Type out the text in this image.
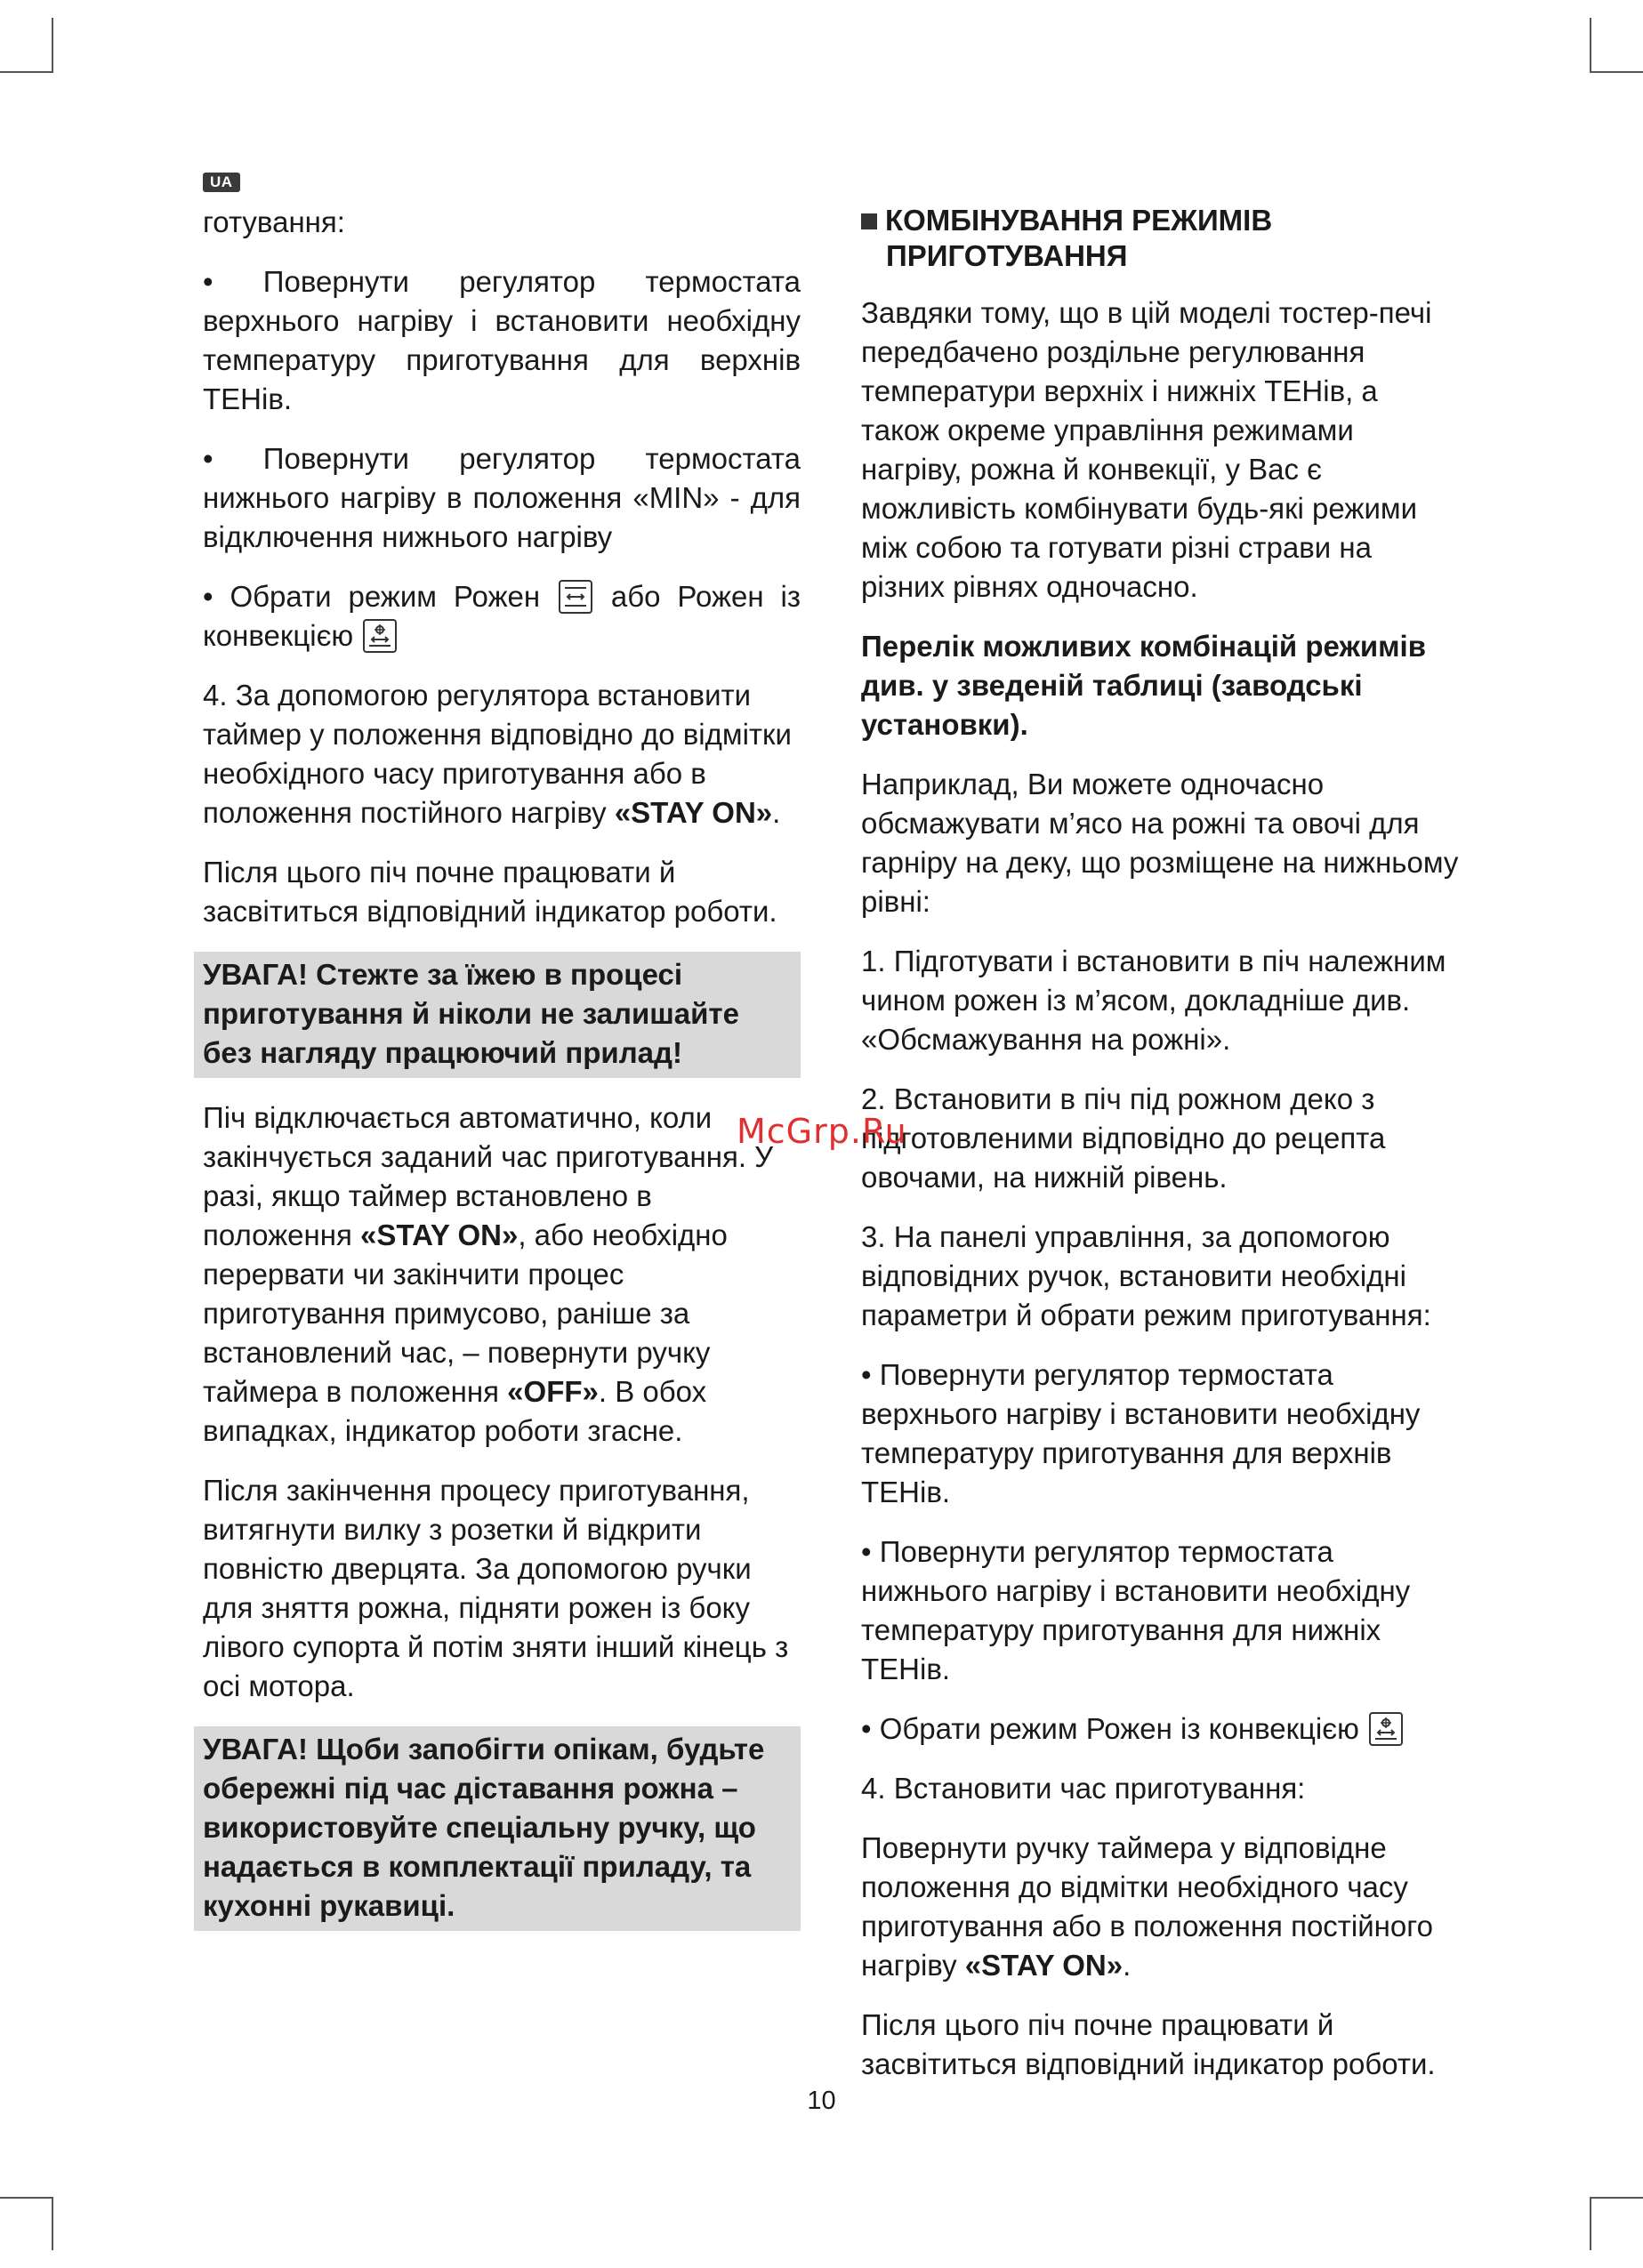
UA

готування:

• Повернути регулятор термостата верхнього нагріву і встановити необхідну температуру приготування для верхнів ТЕНів.

• Повернути регулятор термостата нижнього нагріву в положення «MIN» - для відключення нижнього нагріву

• Обрати режим Рожен або Рожен із конвекцією

4. За допомогою регулятора встановити таймер у положення відповідно до відмітки необхідного часу приготування або в положення постійного нагріву «STAY ON».

Після цього піч почне працювати й засвітиться відповідний індикатор роботи.

УВАГА! Стежте за їжею в процесі приготування й ніколи не залишайте без нагляду працюючий прилад!

Піч відключається автоматично, коли закінчується заданий час приготування. У разі, якщо таймер встановлено в положення «STAY ON», або необхідно перервати чи закінчити процес приготування примусово, раніше за встановлений час, – повернути ручку таймера в положення «OFF». В обох випадках, індикатор роботи згасне.

Після закінчення процесу приготування, витягнути вилку з розетки й відкрити повністю дверцята. За допомогою ручки для зняття рожна, підняти рожен із боку лівого супорта й потім зняти інший кінець з осі мотора.

УВАГА! Щоби запобігти опікам, будьте обережні під час діставання рожна – використовуйте спеціальну ручку, що надається в комплектації приладу, та кухонні рукавиці.

КОМБІНУВАННЯ РЕЖИМІВ
ПРИГОТУВАННЯ

Завдяки тому, що в цій моделі тостер-печі передбачено роздільне регулювання температури верхніх і нижніх ТЕНів, а також окреме управління режимами нагріву, рожна й конвекції, у Вас є можливість комбінувати будь-які режими між собою та готувати різні страви на різних рівнях одночасно.

Перелік можливих комбінацій режимів див. у зведеній таблиці (заводські установки).

Наприклад, Ви можете одночасно обсмажувати м’ясо на рожні та овочі для гарніру на деку, що розміщене на нижньому рівні:

1. Підготувати і встановити в піч належним чином рожен із м’ясом, докладніше див. «Обсмажування на рожні».

2. Встановити в піч під рожном деко з підготовленими відповідно до рецепта овочами, на нижній рівень.

3. На панелі управління, за допомогою відповідних ручок, встановити необхідні параметри й обрати режим приготування:

• Повернути регулятор термостата верхнього нагріву і встановити необхідну температуру приготування для верхнів ТЕНів.

• Повернути регулятор термостата нижнього нагріву і встановити необхідну температуру приготування для нижніх ТЕНів.

• Обрати режим Рожен із конвекцією

4. Встановити час приготування:

Повернути ручку таймера у відповідне положення до відмітки необхідного часу приготування або в положення постійного нагріву «STAY ON».

Після цього піч почне працювати й засвітиться відповідний індикатор роботи.

McGrp.Ru
10
